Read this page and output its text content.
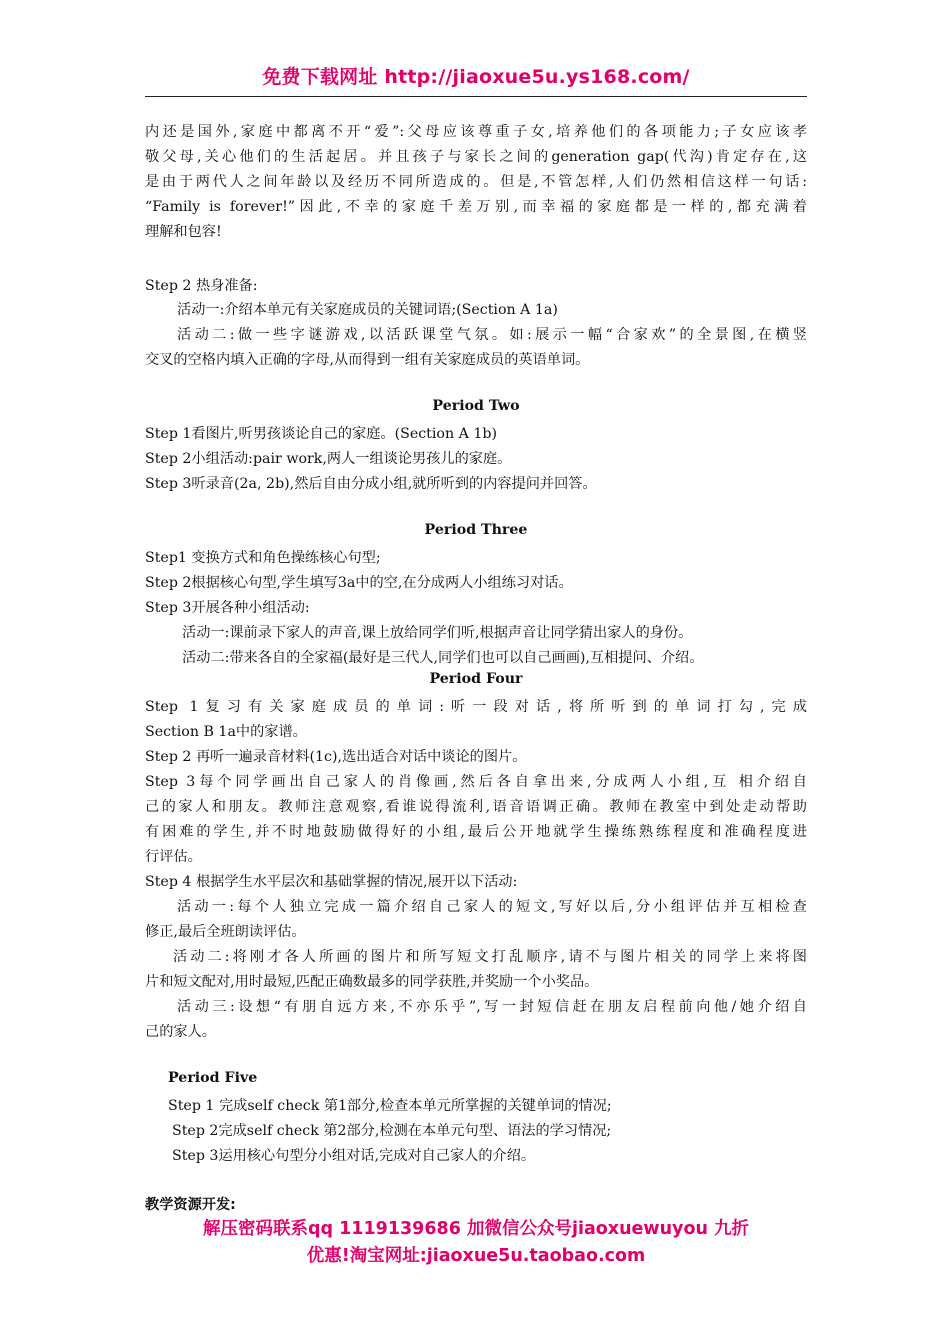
免费下载网址 http://jiaoxue5u.ys168.com/
内还是国外,家庭中都离不开“爱”:父母应该尊重子女,培养他们的各项能力;子女应该孝
敬父母,关心他们的生活起居。并且孩子与家长之间的generation gap(代沟)肯定存在,这
是由于两代人之间年龄以及经历不同所造成的。但是,不管怎样,人们仍然相信这样一句话:
“Family is forever!”因此,不幸的家庭千差万别,而幸福的家庭都是一样的,都充满着
理解和包容!
Step 2 热身准备:
活动一:介绍本单元有关家庭成员的关键词语;(Section A 1a)
活动二:做一些字谜游戏,以活跃课堂气氛。如:展示一幅“合家欢”的全景图,在横竖
交叉的空格内填入正确的字母,从而得到一组有关家庭成员的英语单词。
Period Two
Step 1看图片,听男孩谈论自己的家庭。(Section A 1b)
Step 2小组活动:pair work,两人一组谈论男孩儿的家庭。
Step 3听录音(2a, 2b),然后自由分成小组,就所听到的内容提问并回答。
Period Three
Step1 变换方式和角色操练核心句型;
Step 2根据核心句型,学生填写3a中的空,在分成两人小组练习对话。
Step 3开展各种小组活动:
活动一:课前录下家人的声音,课上放给同学们听,根据声音让同学猜出家人的身份。
活动二:带来各自的全家福(最好是三代人,同学们也可以自己画画),互相提问、介绍。
Period Four
Step 1复习有关家庭成员的单词:听一段对话,将所听到的单词打勾,完成
Section B 1a中的家谱。
Step 2 再听一遍录音材料(1c),选出适合对话中谈论的图片。
Step 3每个同学画出自己家人的肖像画,然后各自拿出来,分成两人小组,互 相介绍自
己的家人和朋友。教师注意观察,看谁说得流利,语音语调正确。教师在教室中到处走动帮助
有困难的学生,并不时地鼓励做得好的小组,最后公开地就学生操练熟练程度和准确程度进
行评估。
Step 4 根据学生水平层次和基础掌握的情况,展开以下活动:
活动一:每个人独立完成一篇介绍自己家人的短文,写好以后,分小组评估并互相检查
修正,最后全班朗读评估。
活动二:将刚才各人所画的图片和所写短文打乱顺序,请不与图片相关的同学上来将图
片和短文配对,用时最短,匹配正确数最多的同学获胜,并奖励一个小奖品。
活动三:设想“有朋自远方来,不亦乐乎”,写一封短信赶在朋友启程前向他/她介绍自
己的家人。
Period Five
Step 1 完成self check 第1部分,检查本单元所掌握的关键单词的情况;
Step 2完成self check 第2部分,检测在本单元句型、语法的学习情况;
Step 3运用核心句型分小组对话,完成对自己家人的介绍。
教学资源开发:
解压密码联系qq 1119139686 加微信公众号jiaoxuewuyou 九折
优惠!淘宝网址:jiaoxue5u.taobao.com
